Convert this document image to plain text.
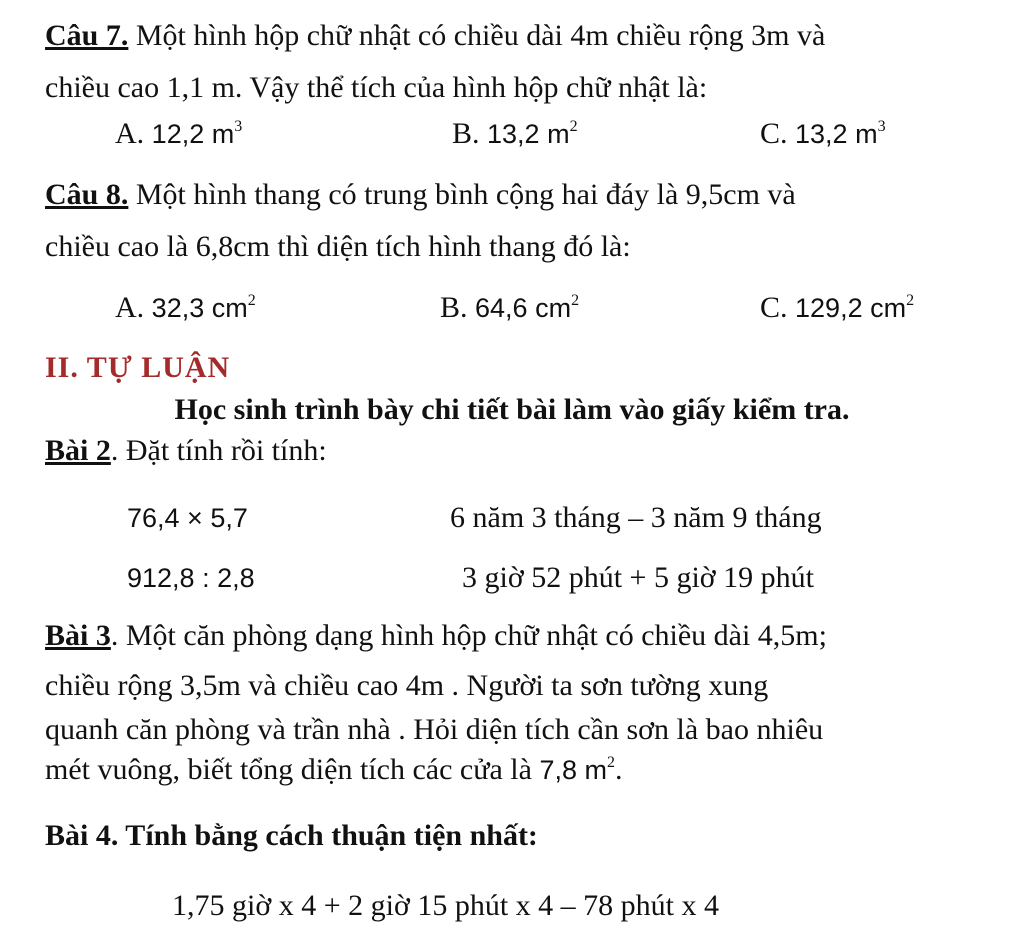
Câu 7. Một hình hộp chữ nhật có chiều dài 4m chiều rộng 3m và
chiều cao 1,1 m. Vậy thể tích của hình hộp chữ nhật là:
A. 12,2 $m^3$	B. 13,2 $m^2$	C. 13,2 $m^3$
Câu 8. Một hình thang có trung bình cộng hai đáy là 9,5cm và
chiều cao là 6,8cm thì diện tích hình thang đó là:
A. 32,3 $cm^2$	B. 64,6 $cm^2$	C. 129,2 $cm^2$
II. TỰ LUẬN
Học sinh trình bày chi tiết bài làm vào giấy kiểm tra.
Bài 2. Đặt tính rồi tính:
76,4 × 5,7	6 năm 3 tháng – 3 năm 9 tháng
912,8 : 2,8	3 giờ 52 phút + 5 giờ 19 phút
Bài 3. Một căn phòng dạng hình hộp chữ nhật có chiều dài 4,5m;
chiều rộng 3,5m và chiều cao 4m . Người ta sơn tường xung
quanh căn phòng và trần nhà . Hỏi diện tích cần sơn là bao nhiêu
mét vuông, biết tổng diện tích các cửa là 7,8 $m^2$.
Bài 4. Tính bằng cách thuận tiện nhất:
1,75 giờ x 4 + 2 giờ 15 phút x 4 – 78 phút x 4
